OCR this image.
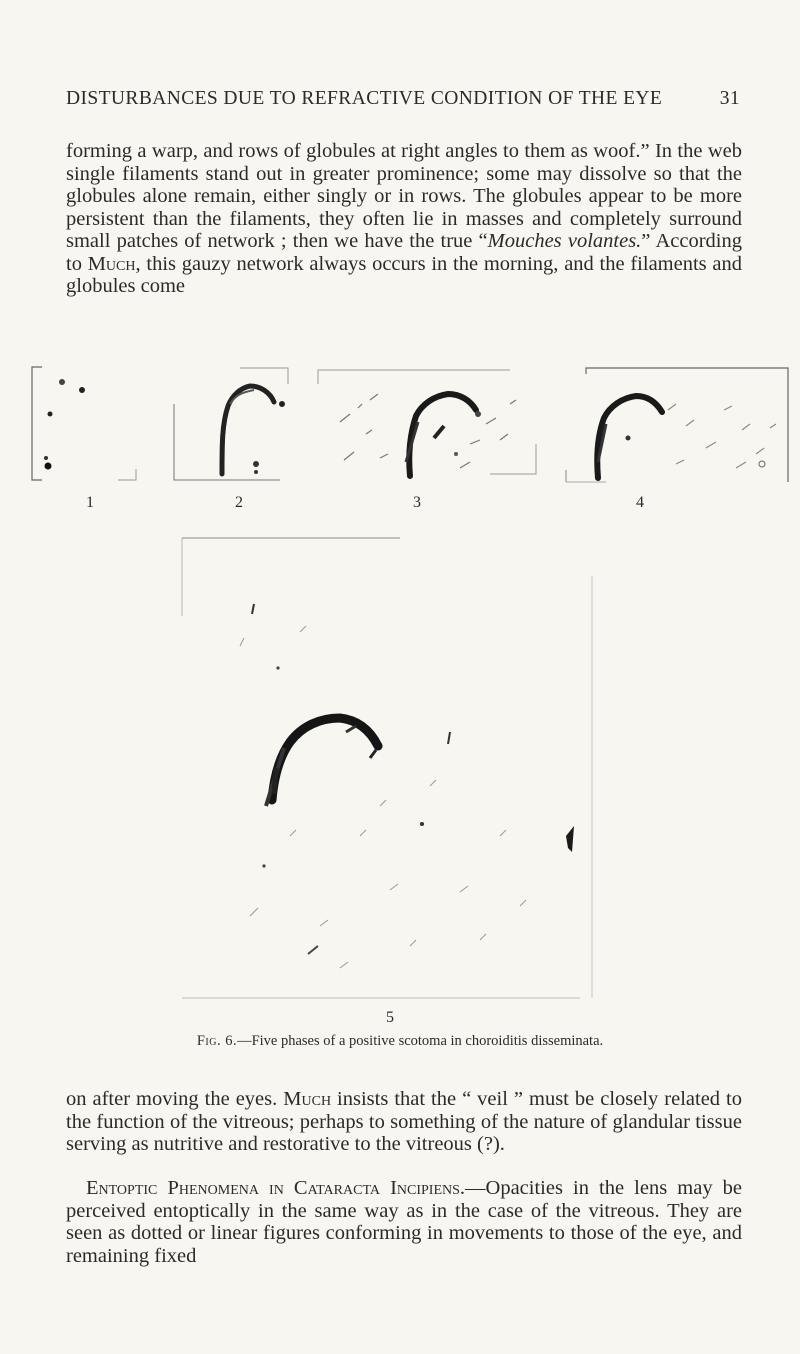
DISTURBANCES DUE TO REFRACTIVE CONDITION OF THE EYE	31

forming a warp, and rows of globules at right angles to them as woof.” In the web single filaments stand out in greater prominence; some may dissolve so that the globules alone remain, either singly or in rows. The globules appear to be more persistent than the filaments, they often lie in masses and completely surround small patches of network ; then we have the true “Mouches volantes.” According to Much, this gauzy network always occurs in the morning, and the filaments and globules come

1	2	3	4
5
Fig. 6.—Five phases of a positive scotoma in choroiditis disseminata.

on after moving the eyes. Much insists that the “ veil ” must be closely related to the function of the vitreous; perhaps to something of the nature of glandular tissue serving as nutritive and restorative to the vitreous (?).

Entoptic Phenomena in Cataracta Incipiens.—Opacities in the lens may be perceived entoptically in the same way as in the case of the vitreous. They are seen as dotted or linear figures conforming in movements to those of the eye, and remaining fixed
